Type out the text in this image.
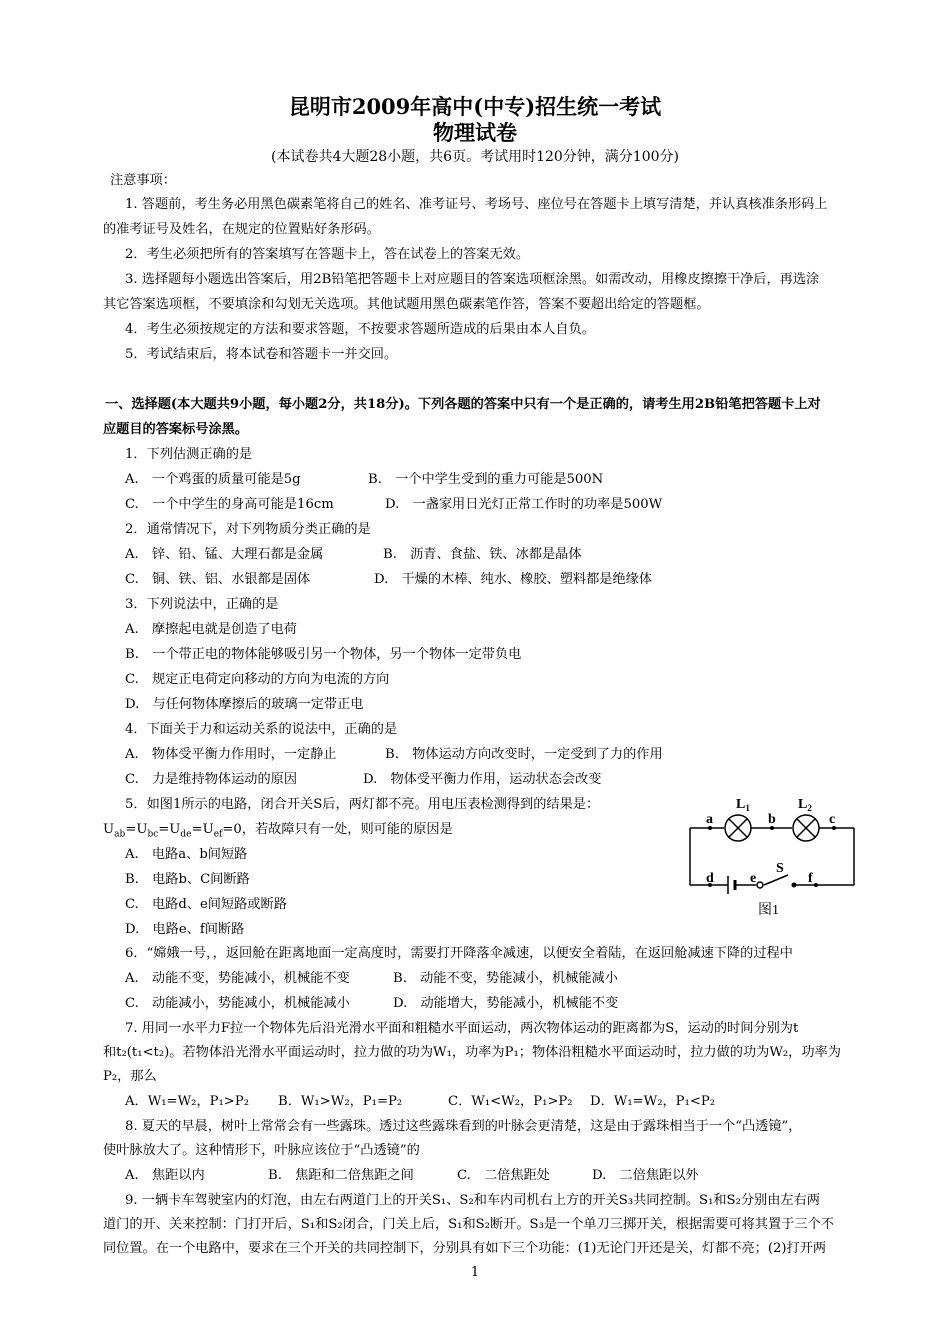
昆明市2009年高中(中专)招生统一考试
物理试卷
(本试卷共4大题28小题，共6页。考试用时120分钟，满分100分)
注意事项：
1. 答题前，考生务必用黑色碳素笔将自己的姓名、准考证号、考场号、座位号在答题卡上填写清楚，并认真核准条形码上
的准考证号及姓名，在规定的位置贴好条形码。
2．考生必须把所有的答案填写在答题卡上，答在试卷上的答案无效。
3. 选择题每小题选出答案后，用2B铅笔把答题卡上对应题目的答案选项框涂黑。如需改动，用橡皮擦擦干净后，再选涂
其它答案选项框，不要填涂和勾划无关选项。其他试题用黑色碳素笔作答，答案不要超出给定的答题框。
4．考生必须按规定的方法和要求答题，不按要求答题所造成的后果由本人自负。
5．考试结束后，将本试卷和答题卡一并交回。
一、选择题(本大题共9小题，每小题2分，共18分)。下列各题的答案中只有一个是正确的，请考生用2B铅笔把答题卡上对
应题目的答案标号涂黑。
1．下列估测正确的是
A.　一个鸡蛋的质量可能是5g	B.　一个中学生受到的重力可能是500N
C.　一个中学生的身高可能是16cm	D.　一盏家用日光灯正常工作时的功率是500W
2．通常情况下，对下列物质分类正确的是
A.　锌、铅、锰、大理石都是金属	B.　沥青、食盐、铁、冰都是晶体
C.　铜、铁、铝、水银都是固体	D.　干燥的木棒、纯水、橡胶、塑料都是绝缘体
3．下列说法中，正确的是
A.　摩擦起电就是创造了电荷
B.　一个带正电的物体能够吸引另一个物体，另一个物体一定带负电
C.　规定正电荷定向移动的方向为电流的方向
D.　与任何物体摩擦后的玻璃一定带正电
4．下面关于力和运动关系的说法中，正确的是
A.　物体受平衡力作用时，一定静止	B.　物体运动方向改变时，一定受到了力的作用
C.　力是维持物体运动的原因	D.　物体受平衡力作用，运动状态会改变
5．如图1所示的电路，闭合开关S后，两灯都不亮。用电压表检测得到的结果是：
$U_{ab}=U_{bc}=U_{de}=U_{ef}=0$，若故障只有一处，则可能的原因是
A.　电路a、b间短路
B.　电路b、C间断路
C.　电路d、e间短路或断路
D.　电路e、f间断路
$L_1$	$L_2$
a	b	c
d	e
S
f
图1
6．“嫦娥一号，，返回舱在距离地面一定高度时，需要打开降落伞减速，以便安全着陆，在返回舱减速下降的过程中
A.　动能不变，势能减小，机械能不变	B.　动能不变，势能减小，机械能减小
C.　动能减小，势能减小，机械能减小	D.　动能增大，势能减小，机械能不变
7. 用同一水平力F拉一个物体先后沿光滑水平面和粗糙水平面运动，两次物体运动的距离都为S，运动的时间分别为t
和t₂(t₁<t₂)。若物体沿光滑水平面运动时，拉力做的功为W₁，功率为P₁；物体沿粗糙水平面运动时，拉力做的功为W₂，功率为
P₂，那么
A．W₁=W₂，P₁>P₂ B．W₁>W₂，P₁=P₂	C．W₁<W₂，P₁>P₂ D．W₁=W₂，P₁<P₂
8. 夏天的早晨，树叶上常常会有一些露珠。透过这些露珠看到的叶脉会更清楚，这是由于露珠相当于一个“凸透镜”，
使叶脉放大了。这种情形下，叶脉应该位于“凸透镜”的
A.　焦距以内	B.　焦距和二倍焦距之间	C.　二倍焦距处	D.　二倍焦距以外
9. 一辆卡车驾驶室内的灯泡，由左右两道门上的开关S₁、S₂和车内司机右上方的开关S₃共同控制。S₁和S₂分别由左右两
道门的开、关来控制：门打开后，S₁和S₂闭合，门关上后，S₁和S₂断开。S₃是一个单刀三掷开关，根据需要可将其置于三个不
同位置。在一个电路中，要求在三个开关的共同控制下，分别具有如下三个功能：(1)无论门开还是关，灯都不亮；(2)打开两
1
